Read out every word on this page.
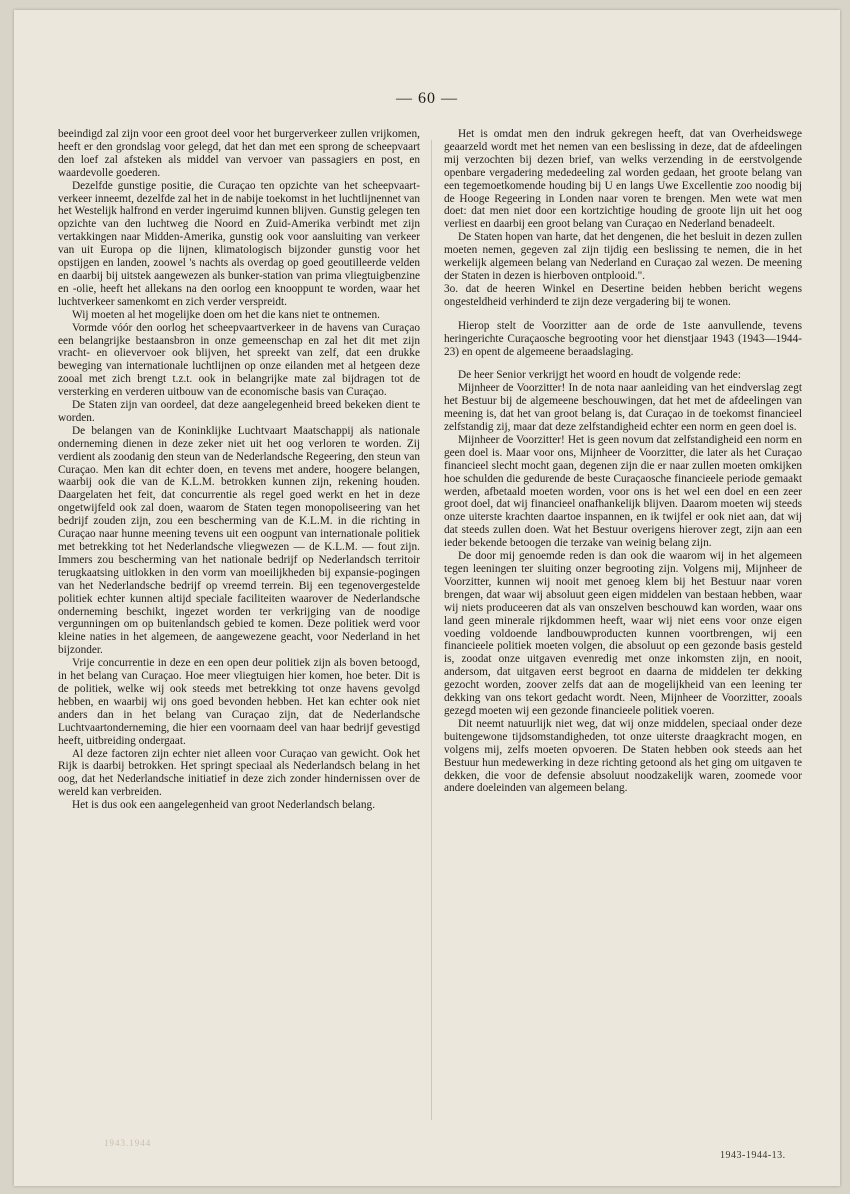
— 60 —

beeindigd zal zijn voor een groot deel voor het burgerverkeer zullen vrijkomen, heeft er den grondslag voor gelegd, dat het dan met een sprong de scheepvaart den loef zal afsteken als middel van vervoer van passagiers en post, en waardevolle goederen.

Dezelfde gunstige positie, die Curaçao ten opzichte van het scheepvaart-verkeer inneemt, dezelfde zal het in de nabije toekomst in het luchtlijnennet van het Westelijk halfrond en verder ingeruimd kunnen blijven. Gunstig gelegen ten opzichte van den luchtweg die Noord en Zuid-Amerika verbindt met zijn vertakkingen naar Midden-Amerika, gunstig ook voor aansluiting van verkeer van uit Europa op die lijnen, klimatologisch bijzonder gunstig voor het opstijgen en landen, zoowel 's nachts als overdag op goed geoutilleerde velden en daarbij bij uitstek aangewezen als bunker-station van prima vliegtuigbenzine en -olie, heeft het allekans na den oorlog een knooppunt te worden, waar het luchtverkeer samenkomt en zich verder verspreidt.

Wij moeten al het mogelijke doen om het die kans niet te ontnemen.

Vormde vóór den oorlog het scheepvaartverkeer in de havens van Curaçao een belangrijke bestaansbron in onze gemeenschap en zal het dit met zijn vracht- en olievervoer ook blijven, het spreekt van zelf, dat een drukke beweging van internationale luchtlijnen op onze eilanden met al hetgeen deze zooal met zich brengt t.z.t. ook in belangrijke mate zal bijdragen tot de versterking en verderen uitbouw van de economische basis van Curaçao.

De Staten zijn van oordeel, dat deze aangelegenheid breed bekeken dient te worden.

De belangen van de Koninklijke Luchtvaart Maatschappij als nationale onderneming dienen in deze zeker niet uit het oog verloren te worden. Zij verdient als zoodanig den steun van de Nederlandsche Regeering, den steun van Curaçao. Men kan dit echter doen, en tevens met andere, hoogere belangen, waarbij ook die van de K.L.M. betrokken kunnen zijn, rekening houden. Daargelaten het feit, dat concurrentie als regel goed werkt en het in deze ongetwijfeld ook zal doen, waarom de Staten tegen monopoliseering van het bedrijf zouden zijn, zou een bescherming van de K.L.M. in die richting in Curaçao naar hunne meening tevens uit een oogpunt van internationale politiek met betrekking tot het Nederlandsche vliegwezen — de K.L.M. — fout zijn. Immers zou bescherming van het nationale bedrijf op Nederlandsch territoir terugkaatsing uitlokken in den vorm van moeilijkheden bij expansie-pogingen van het Nederlandsche bedrijf op vreemd terrein. Bij een tegenovergestelde politiek echter kunnen altijd speciale faciliteiten waarover de Nederlandsche onderneming beschikt, ingezet worden ter verkrijging van de noodige vergunningen om op buitenlandsch gebied te komen. Deze politiek werd voor kleine naties in het algemeen, de aangewezene geacht, voor Nederland in het bijzonder.

Vrije concurrentie in deze en een open deur politiek zijn als boven betoogd, in het belang van Curaçao. Hoe meer vliegtuigen hier komen, hoe beter. Dit is de politiek, welke wij ook steeds met betrekking tot onze havens gevolgd hebben, en waarbij wij ons goed bevonden hebben. Het kan echter ook niet anders dan in het belang van Curaçao zijn, dat de Nederlandsche Luchtvaartonderneming, die hier een voornaam deel van haar bedrijf gevestigd heeft, uitbreiding ondergaat.

Al deze factoren zijn echter niet alleen voor Curaçao van gewicht. Ook het Rijk is daarbij betrokken. Het springt speciaal als Nederlandsch belang in het oog, dat het Nederlandsche initiatief in deze zich zonder hindernissen over de wereld kan verbreiden.

Het is dus ook een aangelegenheid van groot Nederlandsch belang.

Het is omdat men den indruk gekregen heeft, dat van Overheidswege geaarzeld wordt met het nemen van een beslissing in deze, dat de afdeelingen mij verzochten bij dezen brief, van welks verzending in de eerstvolgende openbare vergadering mededeeling zal worden gedaan, het groote belang van een tegemoetkomende houding bij U en langs Uwe Excellentie zoo noodig bij de Hooge Regeering in Londen naar voren te brengen. Men wete wat men doet: dat men niet door een kortzichtige houding de groote lijn uit het oog verliest en daarbij een groot belang van Curaçao en Nederland benadeelt.

De Staten hopen van harte, dat het dengenen, die het besluit in dezen zullen moeten nemen, gegeven zal zijn tijdig een beslissing te nemen, die in het werkelijk algemeen belang van Nederland en Curaçao zal wezen. De meening der Staten in dezen is hierboven ontplooid.".

3o. dat de heeren Winkel en Desertine beiden hebben bericht wegens ongesteldheid verhinderd te zijn deze vergadering bij te wonen.

Hierop stelt de Voorzitter aan de orde de 1ste aanvullende, tevens heringerichte Curaçaosche begrooting voor het dienstjaar 1943 (1943—1944-23) en opent de algemeene beraadslaging.

De heer Senior verkrijgt het woord en houdt de volgende rede:

Mijnheer de Voorzitter! In de nota naar aanleiding van het eindverslag zegt het Bestuur bij de algemeene beschouwingen, dat het met de afdeelingen van meening is, dat het van groot belang is, dat Curaçao in de toekomst financieel zelfstandig zij, maar dat deze zelfstandigheid echter een norm en geen doel is.

Mijnheer de Voorzitter! Het is geen novum dat zelfstandigheid een norm en geen doel is. Maar voor ons, Mijnheer de Voorzitter, die later als het Curaçao financieel slecht mocht gaan, degenen zijn die er naar zullen moeten omkijken hoe schulden die gedurende de beste Curaçaosche financieele periode gemaakt werden, afbetaald moeten worden, voor ons is het wel een doel en een zeer groot doel, dat wij financieel onafhankelijk blijven. Daarom moeten wij steeds onze uiterste krachten daartoe inspannen, en ik twijfel er ook niet aan, dat wij dat steeds zullen doen. Wat het Bestuur overigens hierover zegt, zijn aan een ieder bekende betoogen die terzake van weinig belang zijn.

De door mij genoemde reden is dan ook die waarom wij in het algemeen tegen leeningen ter sluiting onzer begrooting zijn. Volgens mij, Mijnheer de Voorzitter, kunnen wij nooit met genoeg klem bij het Bestuur naar voren brengen, dat waar wij absoluut geen eigen middelen van bestaan hebben, waar wij niets produceeren dat als van onszelven beschouwd kan worden, waar ons land geen minerale rijkdommen heeft, waar wij niet eens voor onze eigen voeding voldoende landbouwproducten kunnen voortbrengen, wij een financieele politiek moeten volgen, die absoluut op een gezonde basis gesteld is, zoodat onze uitgaven evenredig met onze inkomsten zijn, en nooit, andersom, dat uitgaven eerst begroot en daarna de middelen ter dekking gezocht worden, zoover zelfs dat aan de mogelijkheid van een leening ter dekking van ons tekort gedacht wordt. Neen, Mijnheer de Voorzitter, zooals gezegd moeten wij een gezonde financieele politiek voeren.

Dit neemt natuurlijk niet weg, dat wij onze middelen, speciaal onder deze buitengewone tijdsomstandigheden, tot onze uiterste draagkracht mogen, en volgens mij, zelfs moeten opvoeren. De Staten hebben ook steeds aan het Bestuur hun medewerking in deze richting getoond als het ging om uitgaven te dekken, die voor de defensie absoluut noodzakelijk waren, zoomede voor andere doeleinden van algemeen belang.

1943.1944
1943-1944-13.
